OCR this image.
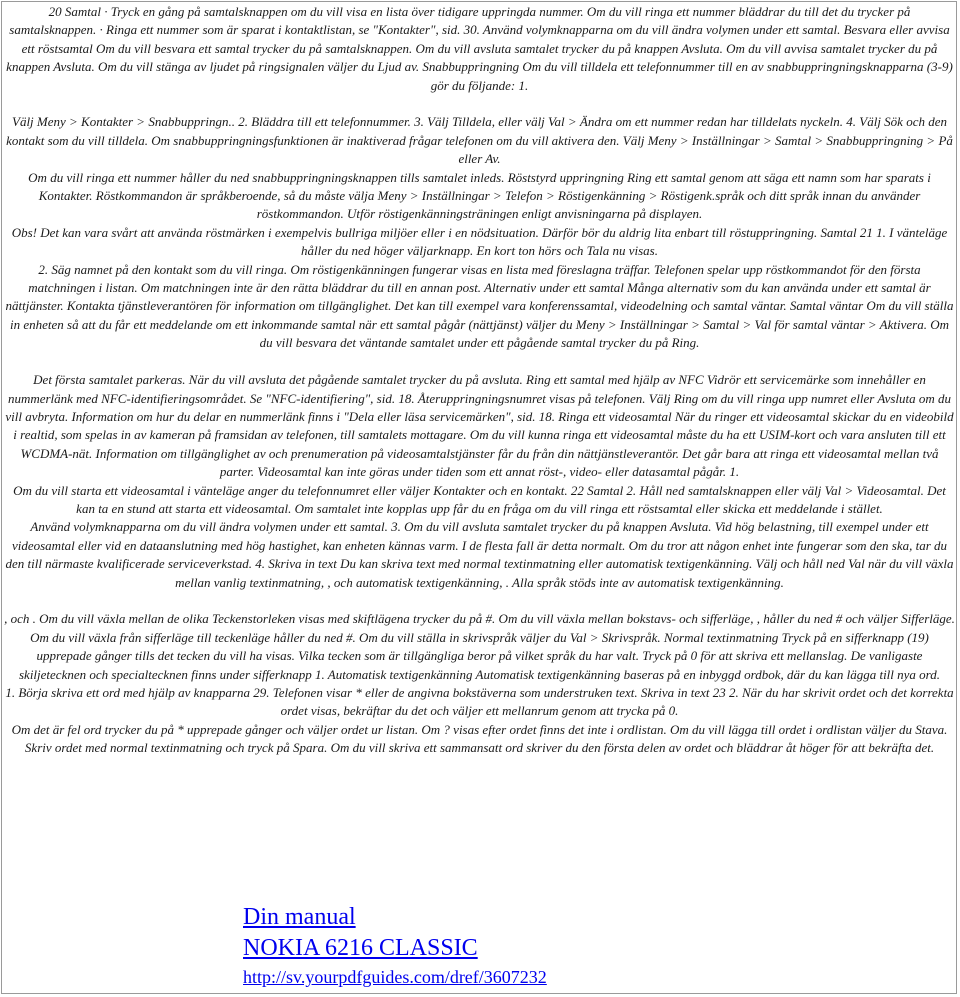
20 Samtal · Tryck en gång på samtalsknappen om du vill visa en lista över tidigare uppringda nummer. Om du vill ringa ett nummer bläddrar du till det du trycker på samtalsknappen. · Ringa ett nummer som är sparat i kontaktlistan, se "Kontakter", sid. 30. Använd volymknapparna om du vill ändra volymen under ett samtal. Besvara eller avvisa ett röstsamtal Om du vill besvara ett samtal trycker du på samtalsknappen. Om du vill avsluta samtalet trycker du på knappen Avsluta. Om du vill avvisa samtalet trycker du på knappen Avsluta. Om du vill stänga av ljudet på ringsignalen väljer du Ljud av. Snabbuppringning Om du vill tilldela ett telefonnummer till en av snabbuppringningsknapparna (3-9) gör du följande: 1.

Välj Meny > Kontakter > Snabbuppringn.. 2. Bläddra till ett telefonnummer. 3. Välj Tilldela, eller välj Val > Ändra om ett nummer redan har tilldelats nyckeln. 4. Välj Sök och den kontakt som du vill tilldela. Om snabbuppringningsfunktionen är inaktiverad frågar telefonen om du vill aktivera den. Välj Meny > Inställningar > Samtal > Snabbuppringning > På eller Av.

Om du vill ringa ett nummer håller du ned snabbuppringningsknappen tills samtalet inleds. Röststyrd uppringning Ring ett samtal genom att säga ett namn som har sparats i Kontakter. Röstkommandon är språkberoende, så du måste välja Meny > Inställningar > Telefon > Röstigenkänning > Röstigenk.språk och ditt språk innan du använder röstkommandon. Utför röstigenkänningsträningen enligt anvisningarna på displayen.

Obs! Det kan vara svårt att använda röstmärken i exempelvis bullriga miljöer eller i en nödsituation. Därför bör du aldrig lita enbart till röstuppringning. Samtal 21 1. I vänteläge håller du ned höger väljarknapp. En kort ton hörs och Tala nu visas.

2. Säg namnet på den kontakt som du vill ringa. Om röstigenkänningen fungerar visas en lista med föreslagna träffar. Telefonen spelar upp röstkommandot för den första matchningen i listan. Om matchningen inte är den rätta bläddrar du till en annan post. Alternativ under ett samtal Många alternativ som du kan använda under ett samtal är nättjänster. Kontakta tjänstleverantören för information om tillgänglighet. Det kan till exempel vara konferenssamtal, videodelning och samtal väntar. Samtal väntar Om du vill ställa in enheten så att du får ett meddelande om ett inkommande samtal när ett samtal pågår (nättjänst) väljer du Meny > Inställningar > Samtal > Val för samtal väntar > Aktivera. Om du vill besvara det väntande samtalet under ett pågående samtal trycker du på Ring.

Det första samtalet parkeras. När du vill avsluta det pågående samtalet trycker du på avsluta. Ring ett samtal med hjälp av NFC Vidrör ett servicemärke som innehåller en nummerlänk med NFC-identifieringsområdet. Se "NFC-identifiering", sid. 18. Återuppringningsnumret visas på telefonen. Välj Ring om du vill ringa upp numret eller Avsluta om du vill avbryta. Information om hur du delar en nummerlänk finns i "Dela eller läsa servicemärken", sid. 18. Ringa ett videosamtal När du ringer ett videosamtal skickar du en videobild i realtid, som spelas in av kameran på framsidan av telefonen, till samtalets mottagare. Om du vill kunna ringa ett videosamtal måste du ha ett USIM-kort och vara ansluten till ett WCDMA-nät. Information om tillgänglighet av och prenumeration på videosamtalstjänster får du från din nättjänstleverantör. Det går bara att ringa ett videosamtal mellan två parter. Videosamtal kan inte göras under tiden som ett annat röst-, video- eller datasamtal pågår. 1.

Om du vill starta ett videosamtal i vänteläge anger du telefonnumret eller väljer Kontakter och en kontakt. 22 Samtal 2. Håll ned samtalsknappen eller välj Val > Videosamtal. Det kan ta en stund att starta ett videosamtal. Om samtalet inte kopplas upp får du en fråga om du vill ringa ett röstsamtal eller skicka ett meddelande i stället.

Använd volymknapparna om du vill ändra volymen under ett samtal. 3. Om du vill avsluta samtalet trycker du på knappen Avsluta. Vid hög belastning, till exempel under ett videosamtal eller vid en dataanslutning med hög hastighet, kan enheten kännas varm. I de flesta fall är detta normalt. Om du tror att någon enhet inte fungerar som den ska, tar du den till närmaste kvalificerade serviceverkstad. 4. Skriva in text Du kan skriva text med normal textinmatning eller automatisk textigenkänning. Välj och håll ned Val när du vill växla mellan vanlig textinmatning, , och automatisk textigenkänning, . Alla språk stöds inte av automatisk textigenkänning.

, och . Om du vill växla mellan de olika Teckenstorleken visas med skiftlägena trycker du på #. Om du vill växla mellan bokstavs- och sifferläge, , håller du ned # och väljer Sifferläge. Om du vill växla från sifferläge till teckenläge håller du ned #. Om du vill ställa in skrivspråk väljer du Val > Skrivspråk. Normal textinmatning Tryck på en sifferknapp (19) upprepade gånger tills det tecken du vill ha visas. Vilka tecken som är tillgängliga beror på vilket språk du har valt. Tryck på 0 för att skriva ett mellanslag. De vanligaste skiljetecknen och specialtecknen finns under sifferknapp 1. Automatisk textigenkänning Automatisk textigenkänning baseras på en inbyggd ordbok, där du kan lägga till nya ord.

1. Börja skriva ett ord med hjälp av knapparna 29. Telefonen visar * eller de angivna bokstäverna som understruken text. Skriva in text 23 2. När du har skrivit ordet och det korrekta ordet visas, bekräftar du det och väljer ett mellanrum genom att trycka på 0.

Om det är fel ord trycker du på * upprepade gånger och väljer ordet ur listan. Om ? visas efter ordet finns det inte i ordlistan. Om du vill lägga till ordet i ordlistan väljer du Stava. Skriv ordet med normal textinmatning och tryck på Spara. Om du vill skriva ett sammansatt ord skriver du den första delen av ordet och bläddrar åt höger för att bekräfta det.

Din manual
NOKIA 6216 CLASSIC
http://sv.yourpdfguides.com/dref/3607232
